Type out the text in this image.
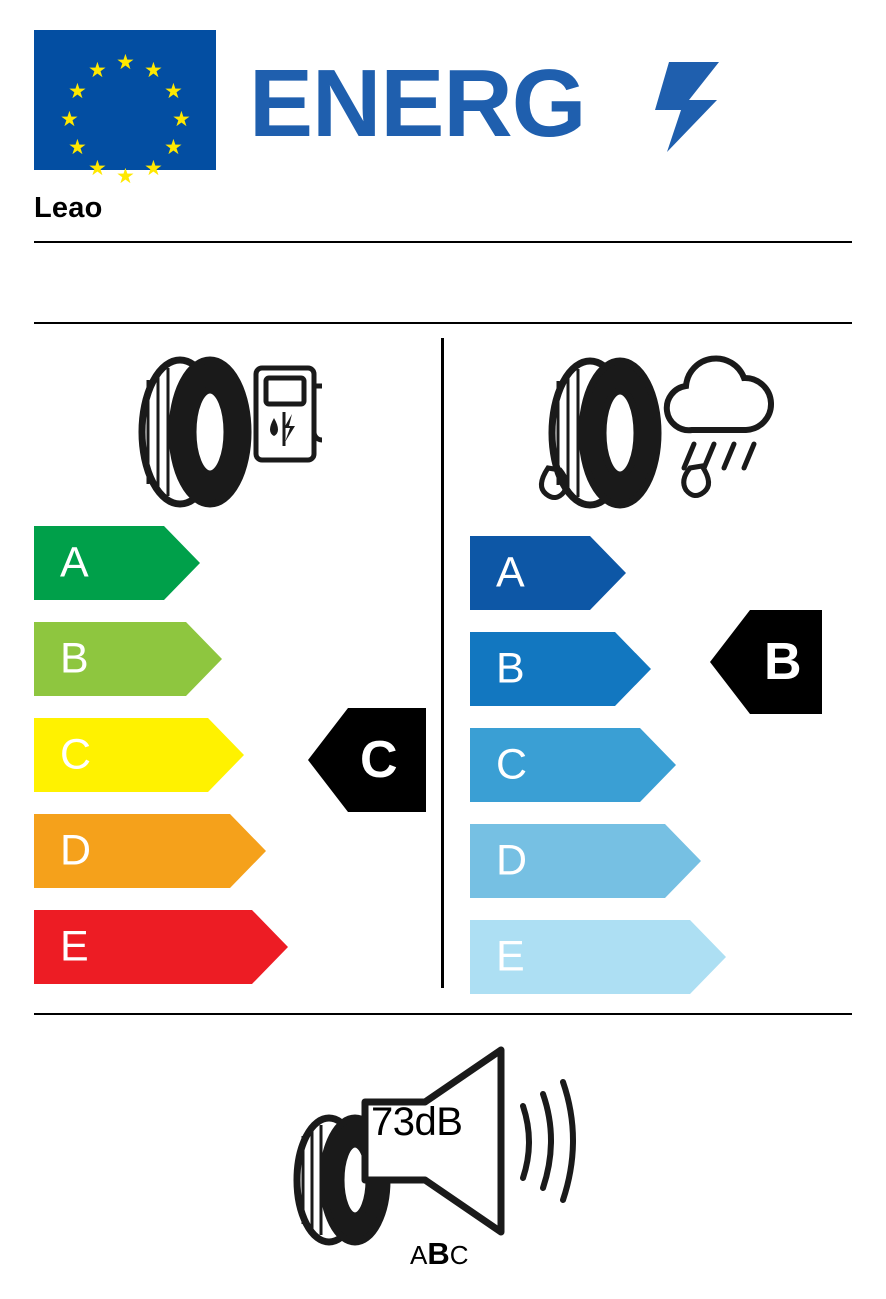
★ ★
★
★
★
★
★
★
★
★
★
★ ENERG
Leao
A
B
C
D
E
C
A
B
C
D
E
B
73dB
ABC
